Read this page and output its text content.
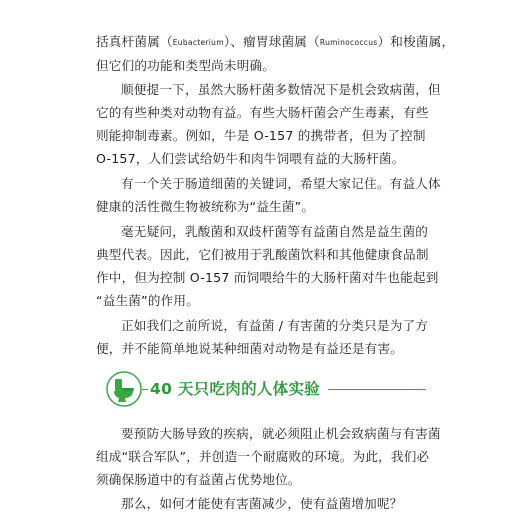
括真杆菌属（Eubacterium）、瘤胃球菌属（Ruminococcus）和梭菌属，
但它们的功能和类型尚未明确。

顺便提一下，虽然大肠杆菌多数情况下是机会致病菌，但
它的有些种类对动物有益。有些大肠杆菌会产生毒素，有些
则能抑制毒素。例如，牛是 O-157 的携带者，但为了控制
O-157，人们尝试给奶牛和肉牛饲喂有益的大肠杆菌。

有一个关于肠道细菌的关键词，希望大家记住。有益人体
健康的活性微生物被统称为“益生菌”。

毫无疑问，乳酸菌和双歧杆菌等有益菌自然是益生菌的
典型代表。因此，它们被用于乳酸菌饮料和其他健康食品制
作中，但为控制 O-157 而饲喂给牛的大肠杆菌对牛也能起到
“益生菌”的作用。

正如我们之前所说，有益菌 / 有害菌的分类只是为了方
便，并不能简单地说某种细菌对动物是有益还是有害。

40 天只吃肉的人体实验

要预防大肠导致的疾病，就必须阻止机会致病菌与有害菌
组成“联合军队”，并创造一个耐腐败的环境。为此，我们必
须确保肠道中的有益菌占优势地位。

那么，如何才能使有害菌减少，使有益菌增加呢？
